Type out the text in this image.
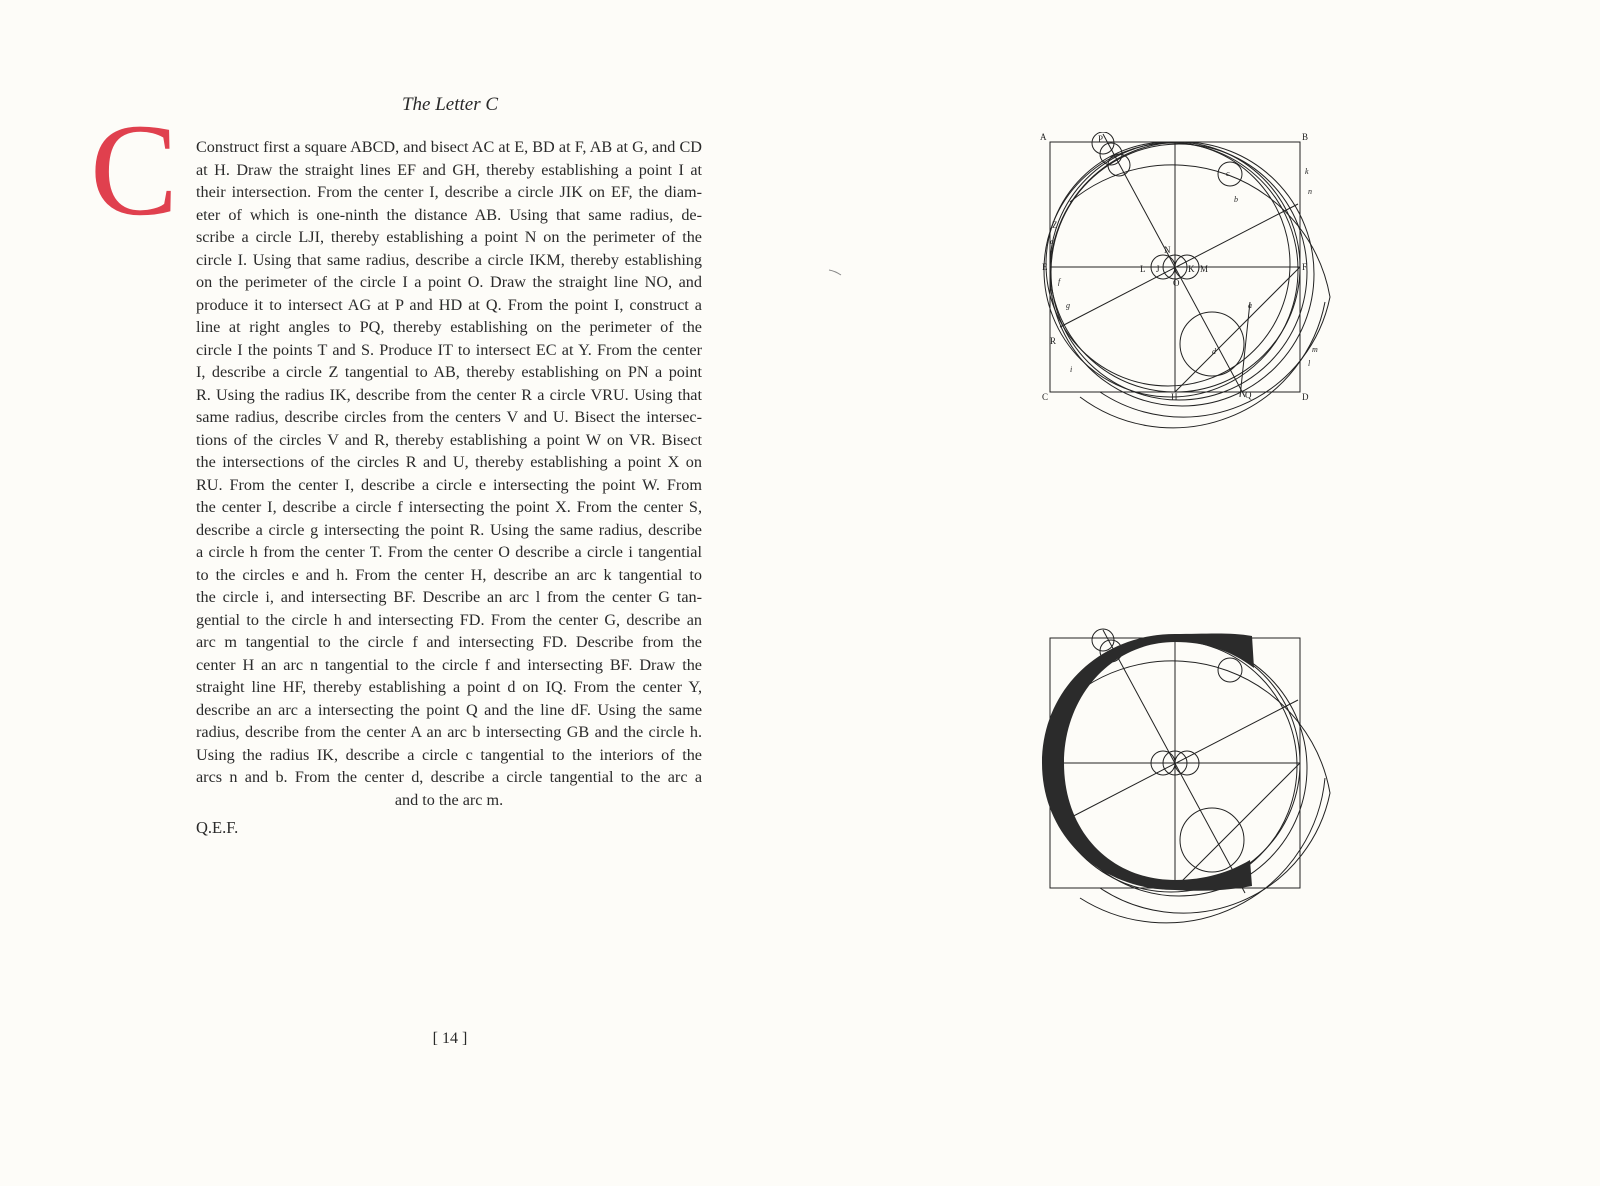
The Letter C
C Construct first a square ABCD, and bisect AC at E, BD at F, AB at G, and CD
at H. Draw the straight lines EF and GH, thereby establishing a point I at
their intersection. From the center I, describe a circle JIK on EF, the diam-
eter of which is one-ninth the distance AB. Using that same radius, de-
scribe a circle LJI, thereby establishing a point N on the perimeter of the
circle I. Using that same radius, describe a circle IKM, thereby establishing
on the perimeter of the circle I a point O. Draw the straight line NO, and
produce it to intersect AG at P and HD at Q. From the point I, construct a
line at right angles to PQ, thereby establishing on the perimeter of the
circle I the points T and S. Produce IT to intersect EC at Y. From the center
I, describe a circle Z tangential to AB, thereby establishing on PN a point
R. Using the radius IK, describe from the center R a circle VRU. Using that
same radius, describe circles from the centers V and U. Bisect the intersec-
tions of the circles V and R, thereby establishing a point W on VR. Bisect
the intersections of the circles R and U, thereby establishing a point X on
RU. From the center I, describe a circle e intersecting the point W. From
the center I, describe a circle f intersecting the point X. From the center S,
describe a circle g intersecting the point R. Using the same radius, describe
a circle h from the center T. From the center O describe a circle i tangential
to the circles e and h. From the center H, describe an arc k tangential to
the circle i, and intersecting BF. Describe an arc l from the center G tan-
gential to the circle h and intersecting FD. From the center G, describe an
arc m tangential to the circle f and intersecting FD. Describe from the
center H an arc n tangential to the circle f and intersecting BF. Draw the
straight line HF, thereby establishing a point d on IQ. From the center Y,
describe an arc a intersecting the point Q and the line dF. Using the same
radius, describe from the center A an arc b intersecting GB and the circle h.
Using the radius IK, describe a circle c tangential to the interiors of the
arcs n and b. From the center d, describe a circle tangential to the arc a
and to the arc m.
Q.E.F.
[ 14 ]
A	B
C	D
E	F
H
L J I K M
N
O
P
Q
Z
R
k
n
m
l
a
b
c
d
f
g
i
e
